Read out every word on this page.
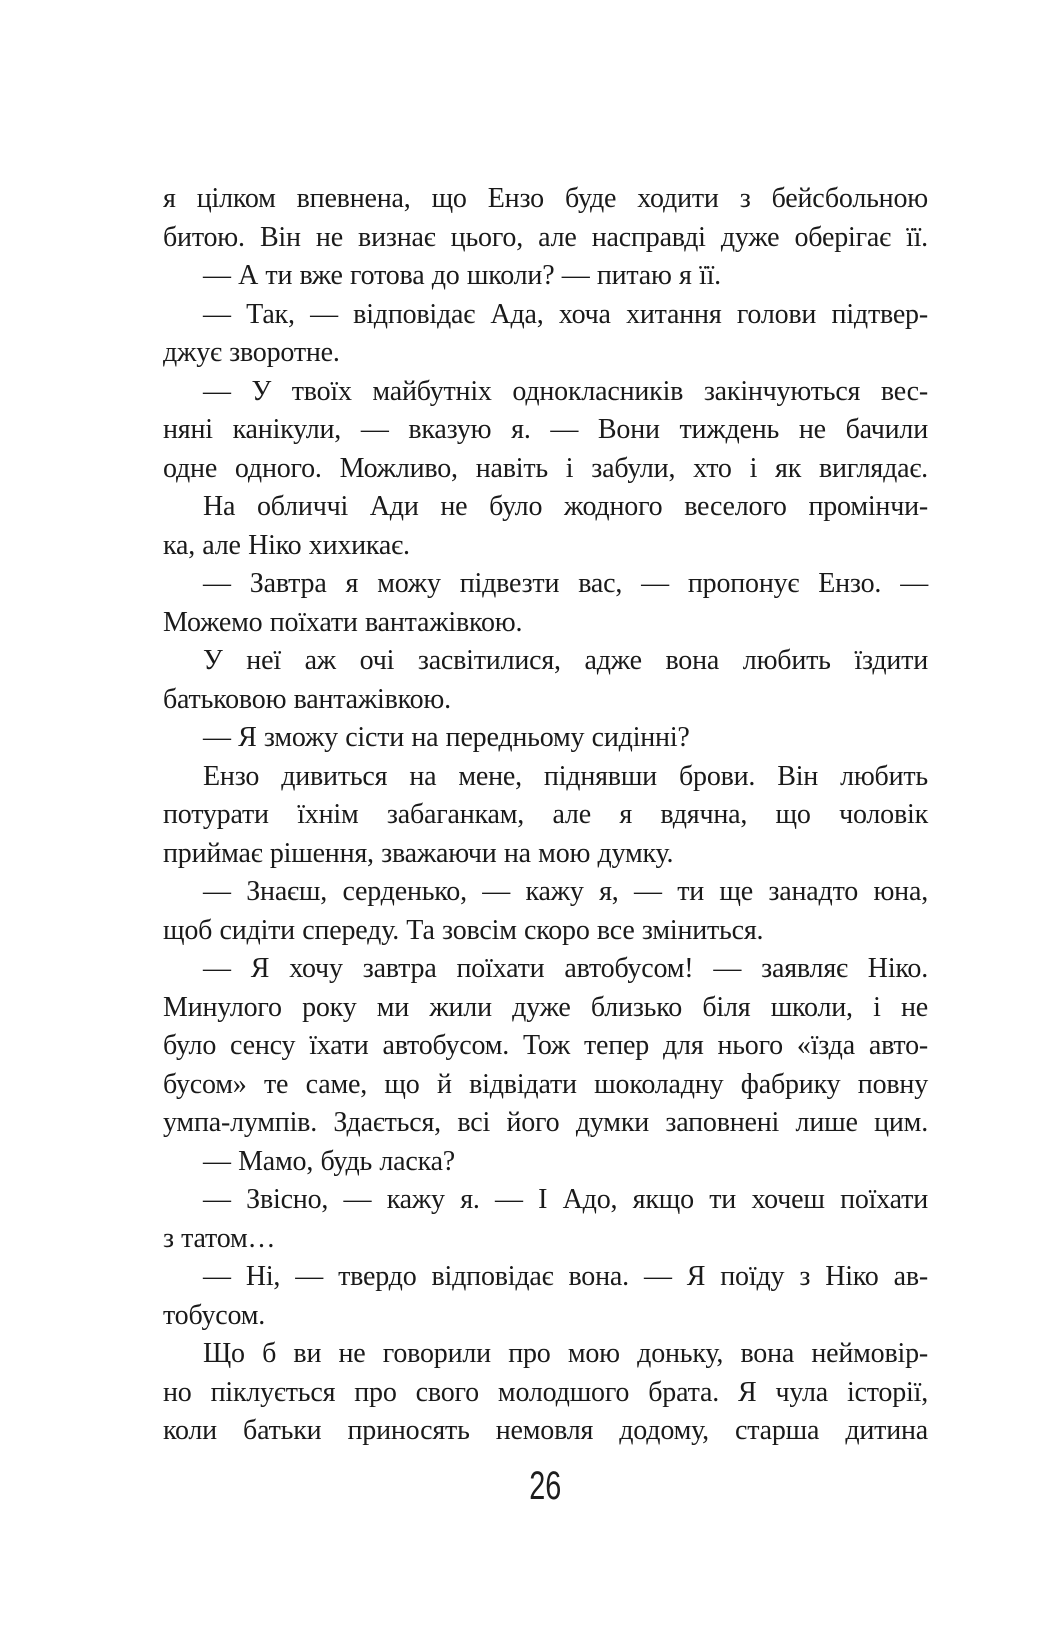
я цілком впевнена, що Ензо буде ходити з бейсбольною
битою. Він не визнає цього, але насправді дуже оберігає її.
— А ти вже готова до школи? — питаю я її.
— Так, — відповідає Ада, хоча хитання голови підтвер-
джує зворотне.
— У твоїх майбутніх однокласників закінчуються вес-
няні канікули, — вказую я. — Вони тиждень не бачили
одне одного. Можливо, навіть і забули, хто і як виглядає.
На обличчі Ади не було жодного веселого промінчи-
ка, але Ніко хихикає.
— Завтра я можу підвезти вас, — пропонує Ензо. —
Можемо поїхати вантажівкою.
У неї аж очі засвітилися, адже вона любить їздити
батьковою вантажівкою.
— Я зможу сісти на передньому сидінні?
Ензо дивиться на мене, піднявши брови. Він любить
потурати їхнім забаганкам, але я вдячна, що чоловік
приймає рішення, зважаючи на мою думку.
— Знаєш, серденько, — кажу я, — ти ще занадто юна,
щоб сидіти спереду. Та зовсім скоро все зміниться.
— Я хочу завтра поїхати автобусом! — заявляє Ніко.
Минулого року ми жили дуже близько біля школи, і не
було сенсу їхати автобусом. Тож тепер для нього «їзда авто-
бусом» те саме, що й відвідати шоколадну фабрику повну
умпа-лумпів. Здається, всі його думки заповнені лише цим.
— Мамо, будь ласка?
— Звісно, — кажу я. — І Адо, якщо ти хочеш поїхати
з татом…
— Ні, — твердо відповідає вона. — Я поїду з Ніко ав-
тобусом.
Що б ви не говорили про мою доньку, вона неймовір-
но піклується про свого молодшого брата. Я чула історії,
коли батьки приносять немовля додому, старша дитина
26
